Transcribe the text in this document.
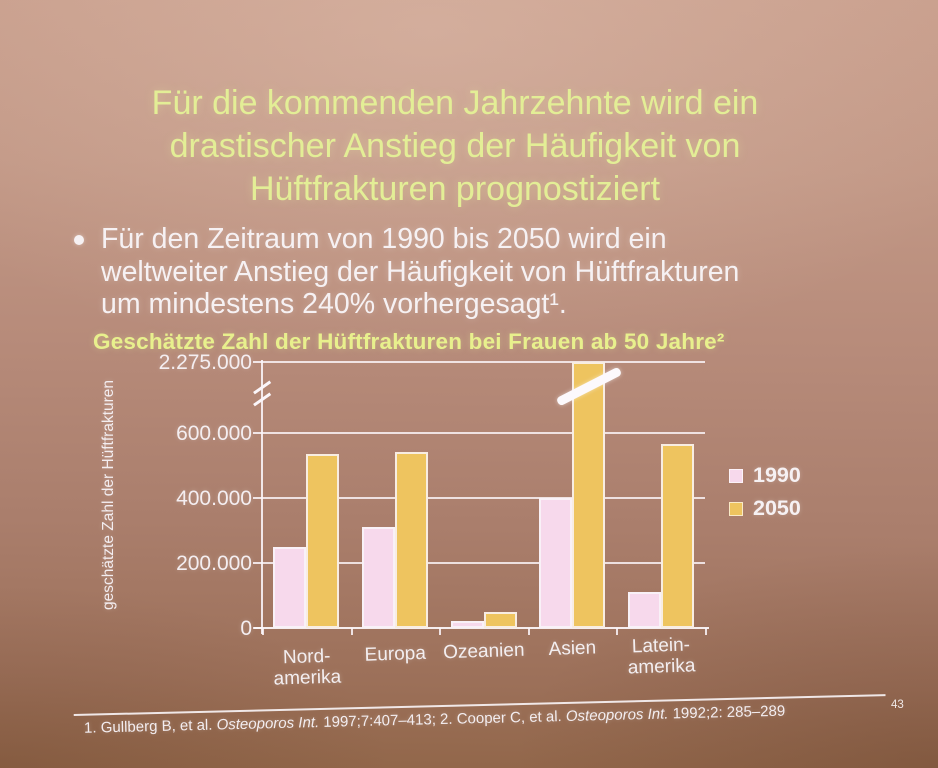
Für die kommenden Jahrzehnte wird ein
drastischer Anstieg der Häufigkeit von
Hüftfrakturen prognostiziert
Für den Zeitraum von 1990 bis 2050 wird ein
weltweiter Anstieg der Häufigkeit von Hüftfrakturen
um mindestens 240% vorhergesagt¹.
Geschätzte Zahl der Hüftfrakturen bei Frauen ab 50 Jahre²
geschätzte Zahl der Hüftfrakturen
0
200.000
400.000
600.000
2.275.000
Nord-
amerika
Europa Ozeanien	Asien	Latein-
amerika
1990
2050
1. Gullberg B, et al. Osteoporos Int. 1997;7:407–413; 2. Cooper C, et al. Osteoporos Int. 1992;2: 285–289	43
